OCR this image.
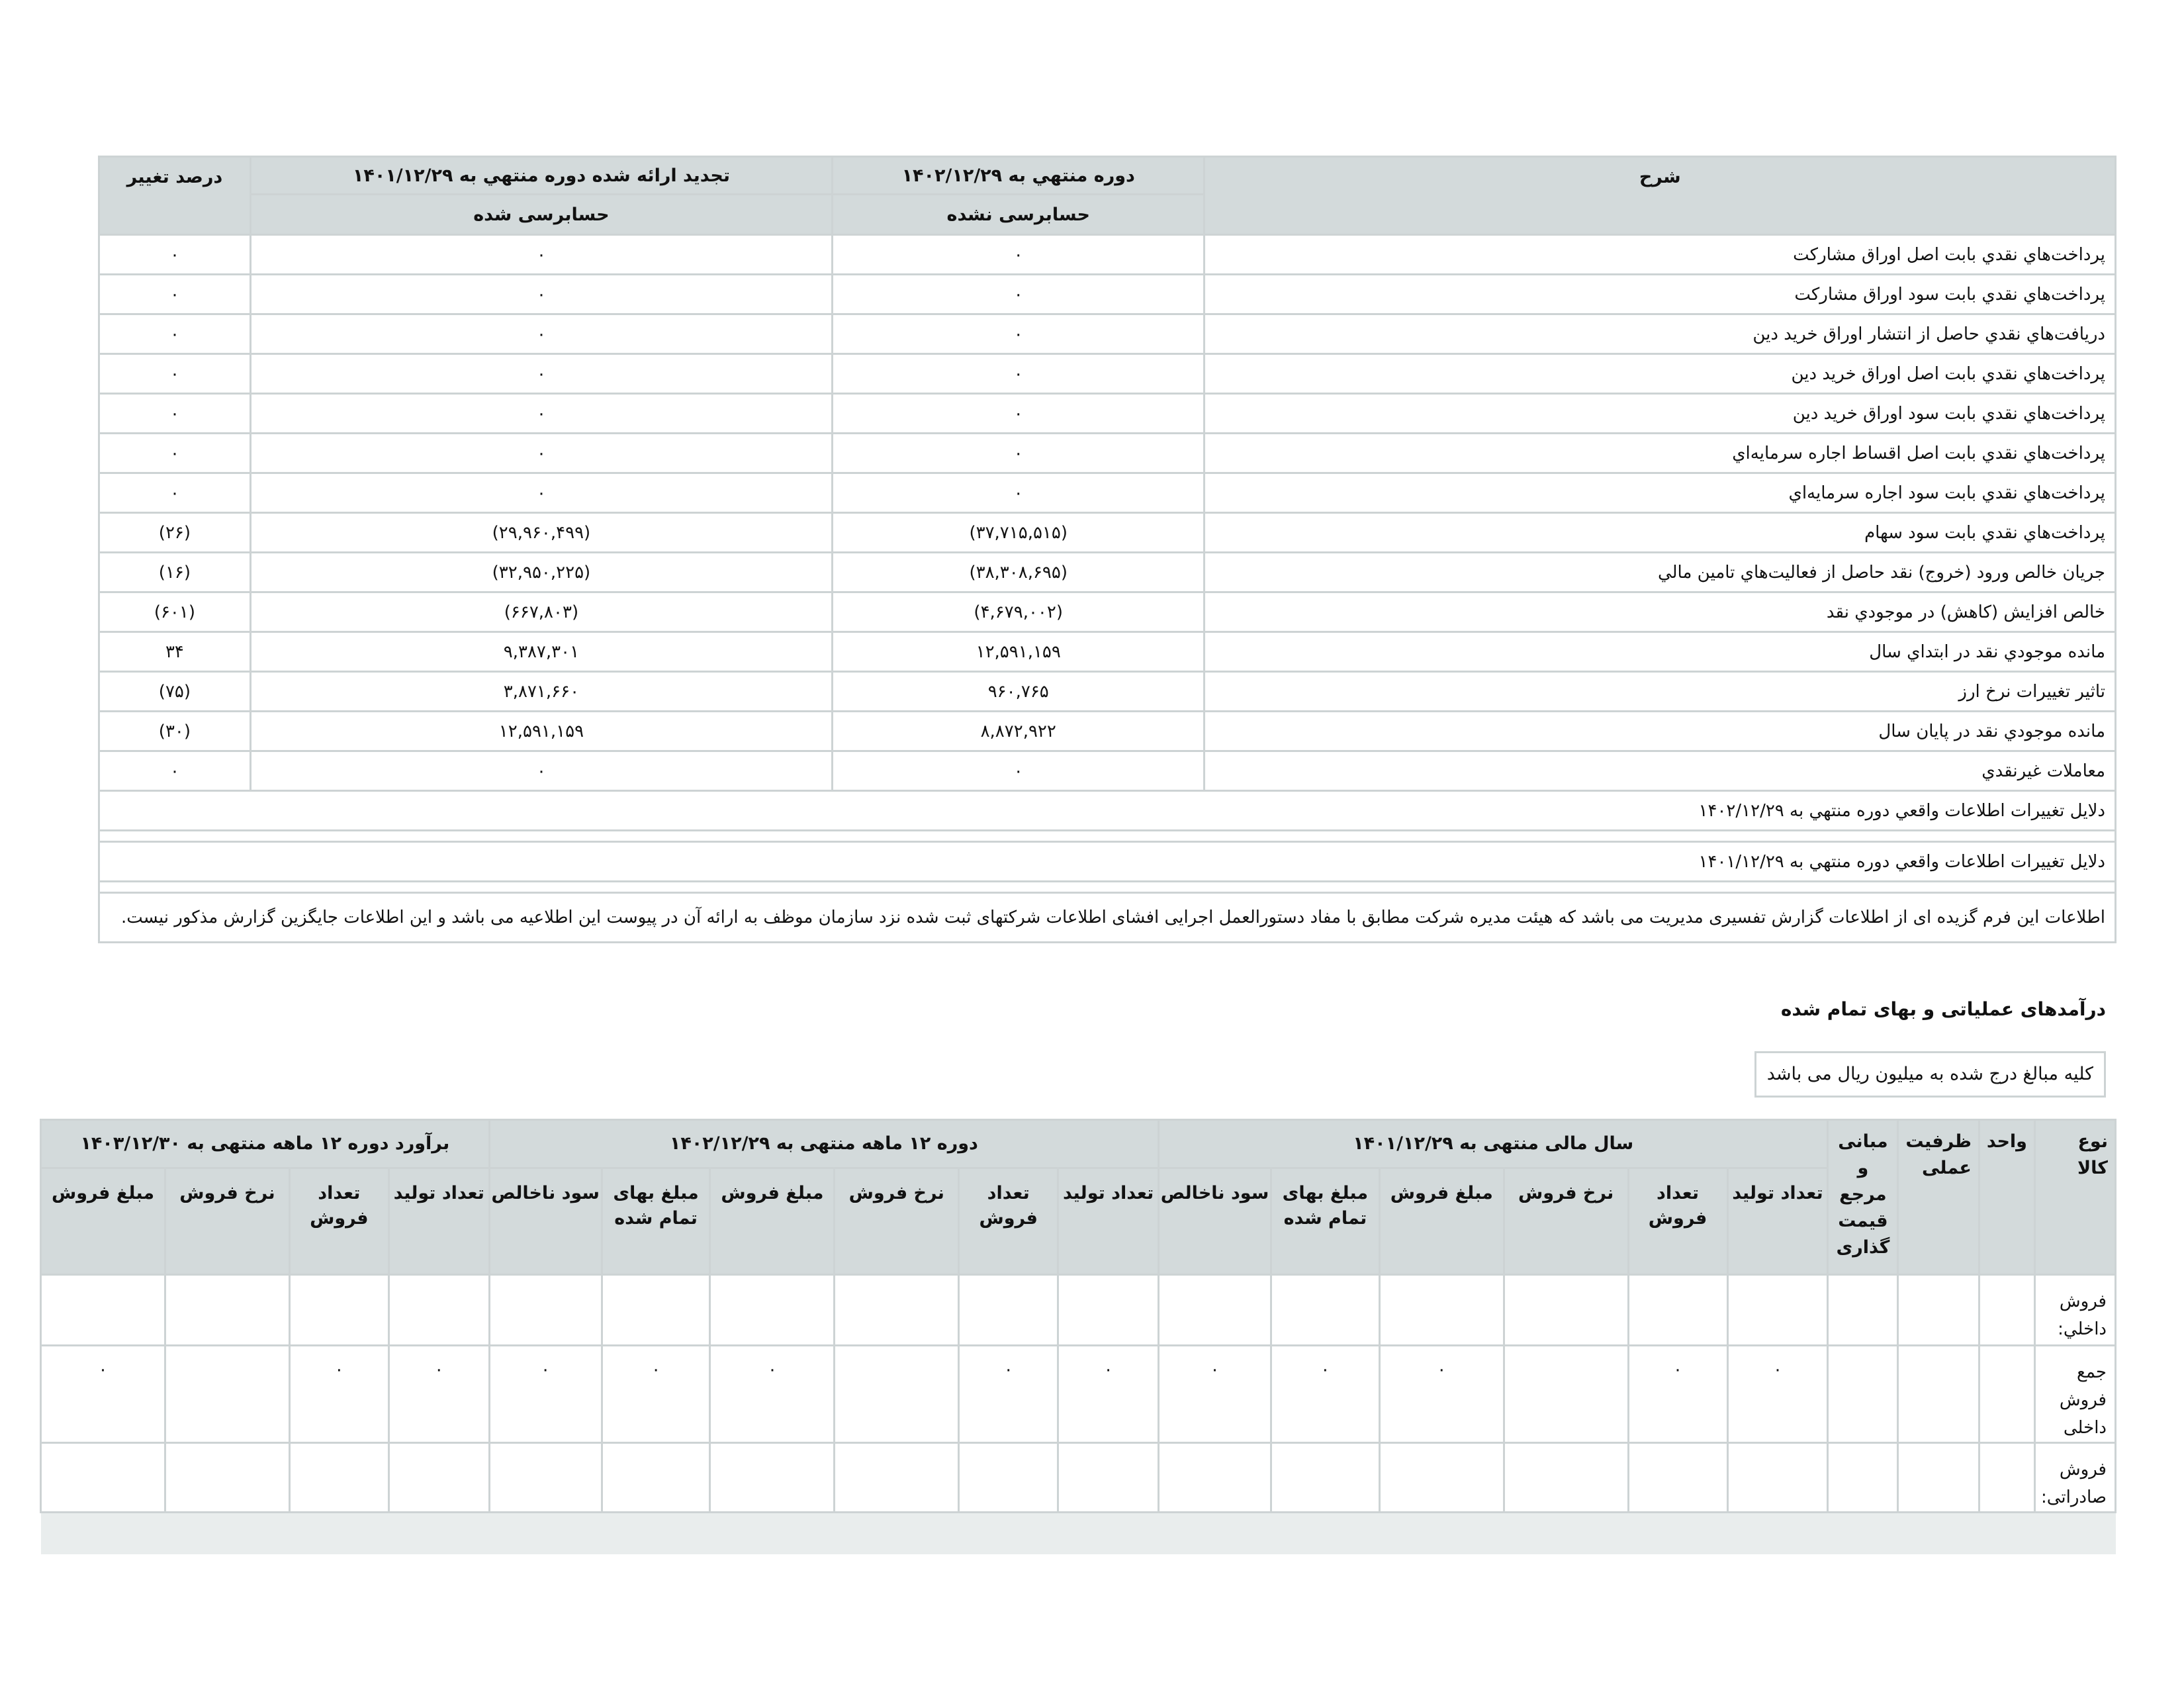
شرح	دوره منتهي به ۱۴۰۲/۱۲/۲۹	تجدید ارائه شده دوره منتهي به ۱۴۰۱/۱۲/۲۹	درصد تغییر
	حسابرسی نشده	حسابرسی شده	
پرداخت‌هاي نقدي بابت اصل اوراق مشارکت	۰	۰	۰
پرداخت‌هاي نقدي بابت سود اوراق مشارکت	۰	۰	۰
دريافت‌هاي نقدي حاصل از انتشار اوراق خريد دين	۰	۰	۰
پرداخت‌هاي نقدي بابت اصل اوراق خريد دين	۰	۰	۰
پرداخت‌هاي نقدي بابت سود اوراق خريد دين	۰	۰	۰
پرداخت‌هاي نقدي بابت اصل اقساط اجاره سرمايه‌اي	۰	۰	۰
پرداخت‌هاي نقدي بابت سود اجاره سرمايه‌اي	۰	۰	۰
پرداخت‌هاي نقدي بابت سود سهام	(۳۷,۷۱۵,۵۱۵)	(۲۹,۹۶۰,۴۹۹)	(۲۶)
جريان خالص ورود (خروج) نقد حاصل از فعاليت‌هاي تامين مالي	(۳۸,۳۰۸,۶۹۵)	(۳۲,۹۵۰,۲۲۵)	(۱۶)
خالص افزايش (کاهش) در موجودي نقد	(۴,۶۷۹,۰۰۲)	(۶۶۷,۸۰۳)	(۶۰۱)
مانده موجودي نقد در ابتداي سال	۱۲,۵۹۱,۱۵۹	۹,۳۸۷,۳۰۱	۳۴
تاثير تغييرات نرخ ارز	۹۶۰,۷۶۵	۳,۸۷۱,۶۶۰	(۷۵)
مانده موجودي نقد در پايان سال	۸,۸۷۲,۹۲۲	۱۲,۵۹۱,۱۵۹	(۳۰)
معاملات غيرنقدي	۰	۰	۰
دلايل تغييرات اطلاعات واقعي دوره منتهي به ۱۴۰۲/۱۲/۲۹			

دلايل تغييرات اطلاعات واقعي دوره منتهي به ۱۴۰۱/۱۲/۲۹			

اطلاعات این فرم گزیده ای از اطلاعات گزارش تفسیری مدیریت می باشد که هیئت مدیره شرکت مطابق با مفاد دستورالعمل اجرایی افشای اطلاعات شرکتهای ثبت شده نزد سازمان موظف به ارائه آن در پیوست این اطلاعیه می باشد و این اطلاعات جایگزین گزارش مذکور نیست.			
درآمدهای عملیاتی و بهای تمام شده
کلیه مبالغ درج شده به میلیون ریال می باشد
نوع کالا	واحد	ظرفیت عملی	مبانی و مرجع قیمت گذاری	سال مالی منتهی به ۱۴۰۱/۱۲/۲۹						دوره ۱۲ ماهه منتهی به ۱۴۰۲/۱۲/۲۹						برآورد دوره ۱۲ ماهه منتهی به ۱۴۰۳/۱۲/۳۰			
				تعداد تولید	تعداد فروش	نرخ فروش	مبلغ فروش	مبلغ بهای تمام شده	سود ناخالص	تعداد تولید	تعداد فروش	نرخ فروش	مبلغ فروش	مبلغ بهای تمام شده	سود ناخالص	تعداد تولید	تعداد فروش	نرخ فروش	مبلغ فروش
فروش داخلي:																			
جمع فروش داخلی				۰	۰		۰	۰	۰	۰	۰		۰	۰	۰	۰	۰		۰
فروش صادراتی:																			
